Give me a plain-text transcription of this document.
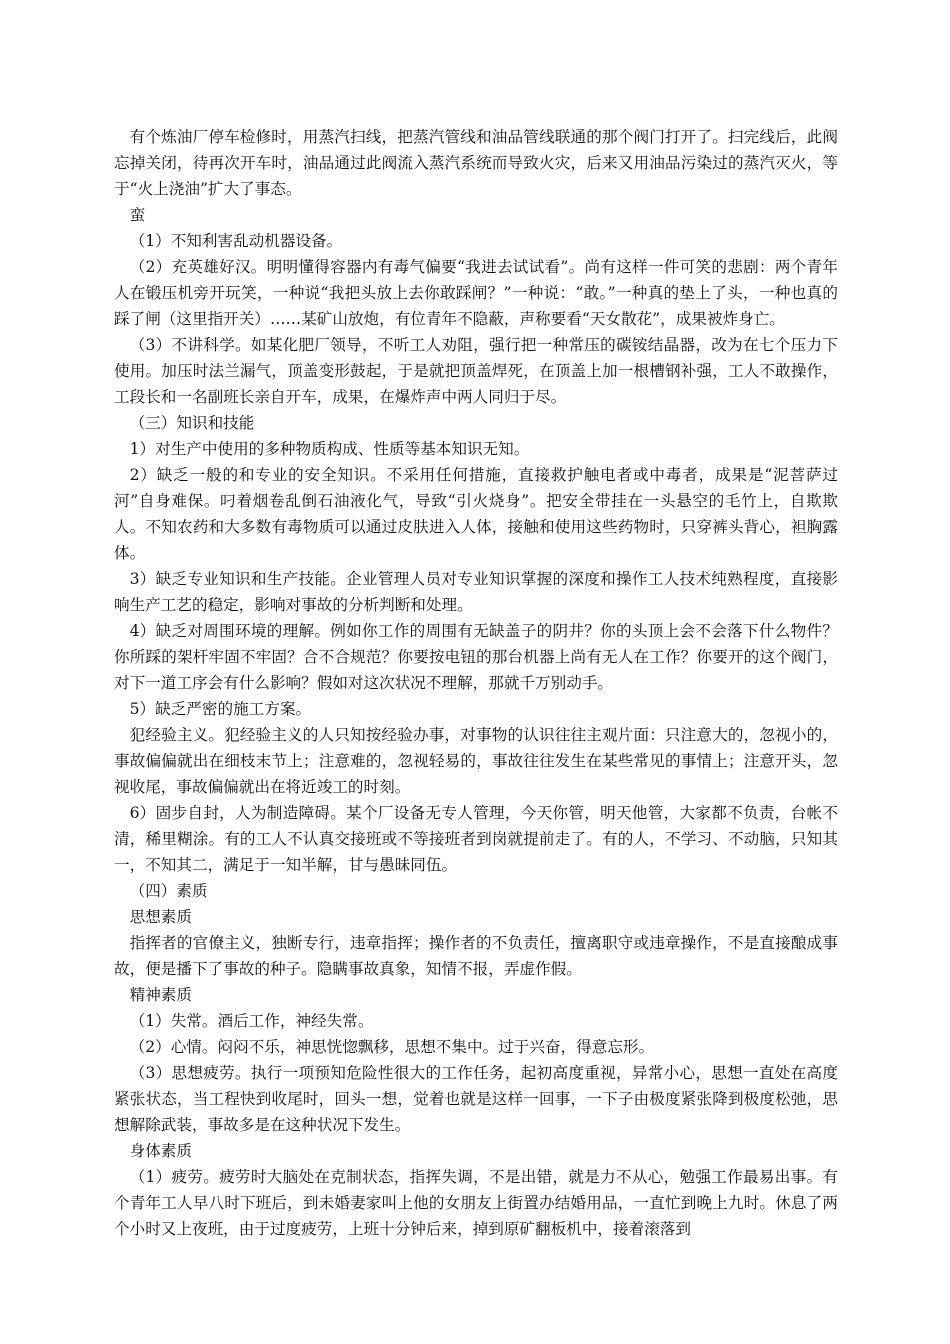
有个炼油厂停车检修时，用蒸汽扫线，把蒸汽管线和油品管线联通的那个阀门打开了。扫完线后，此阀忘掉关闭，待再次开车时，油品通过此阀流入蒸汽系统而导致火灾，后来又用油品污染过的蒸汽灭火，等于“火上浇油”扩大了事态。

蛮

（1）不知利害乱动机器设备。

（2）充英雄好汉。明明懂得容器内有毒气偏要“我进去试试看”。尚有这样一件可笑的悲剧：两个青年人在锻压机旁开玩笑，一种说“我把头放上去你敢踩闸？”一种说：“敢。”一种真的垫上了头，一种也真的踩了闸（这里指开关）……某矿山放炮，有位青年不隐蔽，声称要看“天女散花”，成果被炸身亡。

（3）不讲科学。如某化肥厂领导，不听工人劝阻，强行把一种常压的碳铵结晶器，改为在七个压力下使用。加压时法兰漏气，顶盖变形鼓起，于是就把顶盖焊死，在顶盖上加一根槽钢补强，工人不敢操作，工段长和一名副班长亲自开车，成果，在爆炸声中两人同归于尽。

（三）知识和技能

1）对生产中使用的多种物质构成、性质等基本知识无知。

2）缺乏一般的和专业的安全知识。不采用任何措施，直接救护触电者或中毒者，成果是“泥菩萨过河”自身难保。叼着烟卷乱倒石油液化气，导致“引火烧身”。把安全带挂在一头悬空的毛竹上，自欺欺人。不知农药和大多数有毒物质可以通过皮肤进入人体，接触和使用这些药物时，只穿裤头背心，袒胸露体。

3）缺乏专业知识和生产技能。企业管理人员对专业知识掌握的深度和操作工人技术纯熟程度，直接影响生产工艺的稳定，影响对事故的分析判断和处理。

4）缺乏对周围环境的理解。例如你工作的周围有无缺盖子的阴井？你的头顶上会不会落下什么物件？你所踩的架杆牢固不牢固？合不合规范？你要按电钮的那台机器上尚有无人在工作？你要开的这个阀门，对下一道工序会有什么影响？假如对这次状况不理解，那就千万别动手。

5）缺乏严密的施工方案。

犯经验主义。犯经验主义的人只知按经验办事，对事物的认识往往主观片面：只注意大的，忽视小的，事故偏偏就出在细枝末节上；注意难的，忽视轻易的，事故往往发生在某些常见的事情上；注意开头，忽视收尾，事故偏偏就出在将近竣工的时刻。

6）固步自封，人为制造障碍。某个厂设备无专人管理，今天你管，明天他管，大家都不负责，台帐不清，稀里糊涂。有的工人不认真交接班或不等接班者到岗就提前走了。有的人，不学习、不动脑，只知其一，不知其二，满足于一知半解，甘与愚昧同伍。

（四）素质

思想素质

指挥者的官僚主义，独断专行，违章指挥；操作者的不负责任，擅离职守或违章操作，不是直接酿成事故，便是播下了事故的种子。隐瞒事故真象，知情不报，弄虚作假。

精神素质

（1）失常。酒后工作，神经失常。

（2）心情。闷闷不乐，神思恍惚飘移，思想不集中。过于兴奋，得意忘形。

（3）思想疲劳。执行一项预知危险性很大的工作任务，起初高度重视，异常小心，思想一直处在高度紧张状态，当工程快到收尾时，回头一想，觉着也就是这样一回事，一下子由极度紧张降到极度松弛，思想解除武装，事故多是在这种状况下发生。

身体素质

（1）疲劳。疲劳时大脑处在克制状态，指挥失调，不是出错，就是力不从心，勉强工作最易出事。有个青年工人早八时下班后，到未婚妻家叫上他的女朋友上街置办结婚用品，一直忙到晚上九时。休息了两个小时又上夜班，由于过度疲劳，上班十分钟后来，掉到原矿翻板机中，接着滚落到
